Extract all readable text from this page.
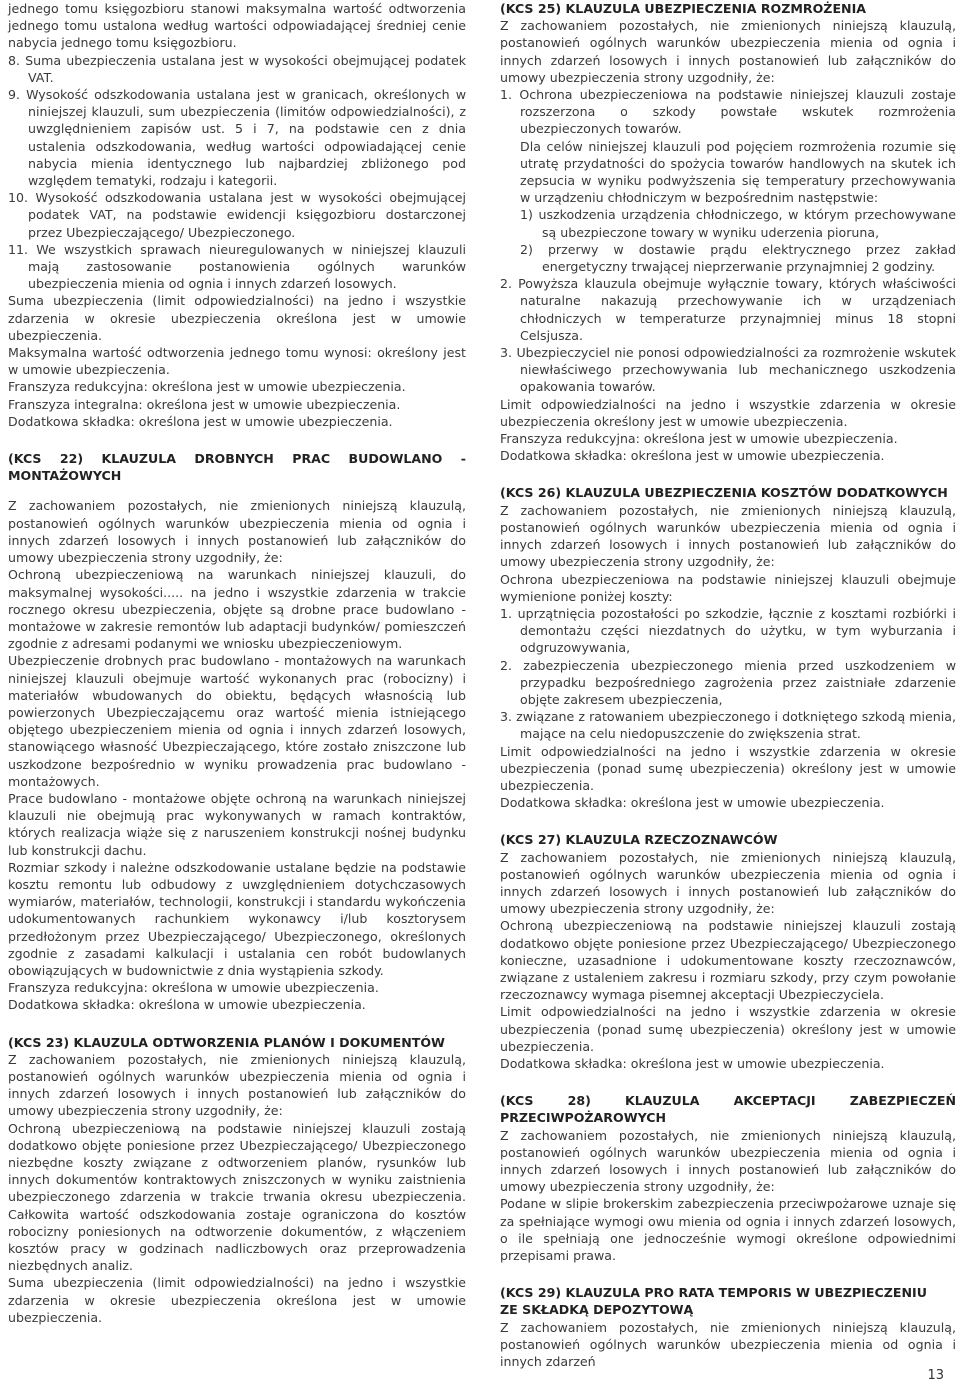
jednego tomu księgozbioru stanowi maksymalna wartość odtworzenia jednego tomu ustalona według wartości odpowiadającej średniej cenie nabycia jednego tomu księgozbioru.

8. Suma ubezpieczenia ustalana jest w wysokości obejmującej podatek VAT.

9. Wysokość odszkodowania ustalana jest w granicach, określonych w niniejszej klauzuli, sum ubezpieczenia (limitów odpowiedzialności), z uwzględnieniem zapisów ust. 5 i 7, na podstawie cen z dnia ustalenia odszkodowania, według wartości odpowiadającej cenie nabycia mienia identycznego lub najbardziej zbliżonego pod względem tematyki, rodzaju i kategorii.

10. Wysokość odszkodowania ustalana jest w wysokości obejmującej podatek VAT, na podstawie ewidencji księgozbioru dostarczonej przez Ubezpieczającego/ Ubezpieczonego.

11. We wszystkich sprawach nieuregulowanych w niniejszej klauzuli mają zastosowanie postanowienia ogólnych warunków ubezpieczenia mienia od ognia i innych zdarzeń losowych.

Suma ubezpieczenia (limit odpowiedzialności) na jedno i wszystkie zdarzenia w okresie ubezpieczenia określona jest w umowie ubezpieczenia.

Maksymalna wartość odtworzenia jednego tomu wynosi: określony jest w umowie ubezpieczenia.

Franszyza redukcyjna: określona jest w umowie ubezpieczenia.

Franszyza integralna: określona jest w umowie ubezpieczenia.

Dodatkowa składka: określona jest w umowie ubezpieczenia.

(KCS 22) KLAUZULA DROBNYCH PRAC BUDOWLANO - MONTAŻOWYCH

Z zachowaniem pozostałych, nie zmienionych niniejszą klauzulą, postanowień ogólnych warunków ubezpieczenia mienia od ognia i innych zdarzeń losowych i innych postanowień lub załączników do umowy ubezpieczenia strony uzgodniły, że:

Ochroną ubezpieczeniową na warunkach niniejszej klauzuli, do maksymalnej wysokości..... na jedno i wszystkie zdarzenia w trakcie rocznego okresu ubezpieczenia, objęte są drobne prace budowlano - montażowe w zakresie remontów lub adaptacji budynków/ pomieszczeń zgodnie z adresami podanymi we wniosku ubezpieczeniowym.

Ubezpieczenie drobnych prac budowlano - montażowych na warunkach niniejszej klauzuli obejmuje wartość wykonanych prac (robocizny) i materiałów wbudowanych do obiektu, będących własnością lub powierzonych Ubezpieczającemu oraz wartość mienia istniejącego objętego ubezpieczeniem mienia od ognia i innych zdarzeń losowych, stanowiącego własność Ubezpieczającego, które zostało zniszczone lub uszkodzone bezpośrednio w wyniku prowadzenia prac budowlano - montażowych.

Prace budowlano - montażowe objęte ochroną na warunkach niniejszej klauzuli nie obejmują prac wykonywanych w ramach kontraktów, których realizacja wiąże się z naruszeniem konstrukcji nośnej budynku lub konstrukcji dachu.

Rozmiar szkody i należne odszkodowanie ustalane będzie na podstawie kosztu remontu lub odbudowy z uwzględnieniem dotychczasowych wymiarów, materiałów, technologii, konstrukcji i standardu wykończenia udokumentowanych rachunkiem wykonawcy i/lub kosztorysem przedłożonym przez Ubezpieczającego/ Ubezpieczonego, określonych zgodnie z zasadami kalkulacji i ustalania cen robót budowlanych obowiązujących w budownictwie z dnia wystąpienia szkody.

Franszyza redukcyjna: określona w umowie ubezpieczenia.

Dodatkowa składka: określona w umowie ubezpieczenia.

(KCS 23) KLAUZULA ODTWORZENIA PLANÓW I DOKUMENTÓW

Z zachowaniem pozostałych, nie zmienionych niniejszą klauzulą, postanowień ogólnych warunków ubezpieczenia mienia od ognia i innych zdarzeń losowych i innych postanowień lub załączników do umowy ubezpieczenia strony uzgodniły, że:

Ochroną ubezpieczeniową na podstawie niniejszej klauzuli zostają dodatkowo objęte poniesione przez Ubezpieczającego/ Ubezpieczonego niezbędne koszty związane z odtworzeniem planów, rysunków lub innych dokumentów kontraktowych zniszczonych w wyniku zaistnienia ubezpieczonego zdarzenia w trakcie trwania okresu ubezpieczenia. Całkowita wartość odszkodowania zostaje ograniczona do kosztów robocizny poniesionych na odtworzenie dokumentów, z włączeniem kosztów pracy w godzinach nadliczbowych oraz przeprowadzenia niezbędnych analiz.

Suma ubezpieczenia (limit odpowiedzialności) na jedno i wszystkie zdarzenia w okresie ubezpieczenia określona jest w umowie ubezpieczenia.

(KCS 25) KLAUZULA UBEZPIECZENIA ROZMROŻENIA

Z zachowaniem pozostałych, nie zmienionych niniejszą klauzulą, postanowień ogólnych warunków ubezpieczenia mienia od ognia i innych zdarzeń losowych i innych postanowień lub załączników do umowy ubezpieczenia strony uzgodniły, że:

1. Ochrona ubezpieczeniowa na podstawie niniejszej klauzuli zostaje rozszerzona o szkody powstałe wskutek rozmrożenia ubezpieczonych towarów.

Dla celów niniejszej klauzuli pod pojęciem rozmrożenia rozumie się utratę przydatności do spożycia towarów handlowych na skutek ich zepsucia w wyniku podwyższenia się temperatury przechowywania w urządzeniu chłodniczym w bezpośrednim następstwie:

1) uszkodzenia urządzenia chłodniczego, w którym przechowywane są ubezpieczone towary w wyniku uderzenia pioruna,

2) przerwy w dostawie prądu elektrycznego przez zakład energetyczny trwającej nieprzerwanie przynajmniej 2 godziny.

2. Powyższa klauzula obejmuje wyłącznie towary, których właściwości naturalne nakazują przechowywanie ich w urządzeniach chłodniczych w temperaturze przynajmniej minus 18 stopni Celsjusza.

3. Ubezpieczyciel nie ponosi odpowiedzialności za rozmrożenie wskutek niewłaściwego przechowywania lub mechanicznego uszkodzenia opakowania towarów.

Limit odpowiedzialności na jedno i wszystkie zdarzenia w okresie ubezpieczenia określony jest w umowie ubezpieczenia.

Franszyza redukcyjna: określona jest w umowie ubezpieczenia.

Dodatkowa składka: określona jest w umowie ubezpieczenia.

(KCS 26) KLAUZULA UBEZPIECZENIA KOSZTÓW DODATKOWYCH

Z zachowaniem pozostałych, nie zmienionych niniejszą klauzulą, postanowień ogólnych warunków ubezpieczenia mienia od ognia i innych zdarzeń losowych i innych postanowień lub załączników do umowy ubezpieczenia strony uzgodniły, że:

Ochrona ubezpieczeniowa na podstawie niniejszej klauzuli obejmuje wymienione poniżej koszty:

1. uprzątnięcia pozostałości po szkodzie, łącznie z kosztami rozbiórki i demontażu części niezdatnych do użytku, w tym wyburzania i odgruzowywania,

2. zabezpieczenia ubezpieczonego mienia przed uszkodzeniem w przypadku bezpośredniego zagrożenia przez zaistniałe zdarzenie objęte zakresem ubezpieczenia,

3. związane z ratowaniem ubezpieczonego i dotkniętego szkodą mienia, mające na celu niedopuszczenie do zwiększenia strat.

Limit odpowiedzialności na jedno i wszystkie zdarzenia w okresie ubezpieczenia (ponad sumę ubezpieczenia) określony jest w umowie ubezpieczenia.

Dodatkowa składka: określona jest w umowie ubezpieczenia.

(KCS 27) KLAUZULA RZECZOZNAWCÓW

Z zachowaniem pozostałych, nie zmienionych niniejszą klauzulą, postanowień ogólnych warunków ubezpieczenia mienia od ognia i innych zdarzeń losowych i innych postanowień lub załączników do umowy ubezpieczenia strony uzgodniły, że:

Ochroną ubezpieczeniową na podstawie niniejszej klauzuli zostają dodatkowo objęte poniesione przez Ubezpieczającego/ Ubezpieczonego konieczne, uzasadnione i udokumentowane koszty rzeczoznawców, związane z ustaleniem zakresu i rozmiaru szkody, przy czym powołanie rzeczoznawcy wymaga pisemnej akceptacji Ubezpieczyciela.

Limit odpowiedzialności na jedno i wszystkie zdarzenia w okresie ubezpieczenia (ponad sumę ubezpieczenia) określony jest w umowie ubezpieczenia.

Dodatkowa składka: określona jest w umowie ubezpieczenia.

(KCS 28) KLAUZULA AKCEPTACJI ZABEZPIECZEŃ PRZECIWPOŻAROWYCH

Z zachowaniem pozostałych, nie zmienionych niniejszą klauzulą, postanowień ogólnych warunków ubezpieczenia mienia od ognia i innych zdarzeń losowych i innych postanowień lub załączników do umowy ubezpieczenia strony uzgodniły, że:

Podane w slipie brokerskim zabezpieczenia przeciwpożarowe uznaje się za spełniające wymogi owu mienia od ognia i innych zdarzeń losowych, o ile spełniają one jednocześnie wymogi określone odpowiednimi przepisami prawa.

(KCS 29) KLAUZULA PRO RATA TEMPORIS W UBEZPIECZENIU

ZE SKŁADKĄ DEPOZYTOWĄ

Z zachowaniem pozostałych, nie zmienionych niniejszą klauzulą, postanowień ogólnych warunków ubezpieczenia mienia od ognia i innych zdarzeń

13
